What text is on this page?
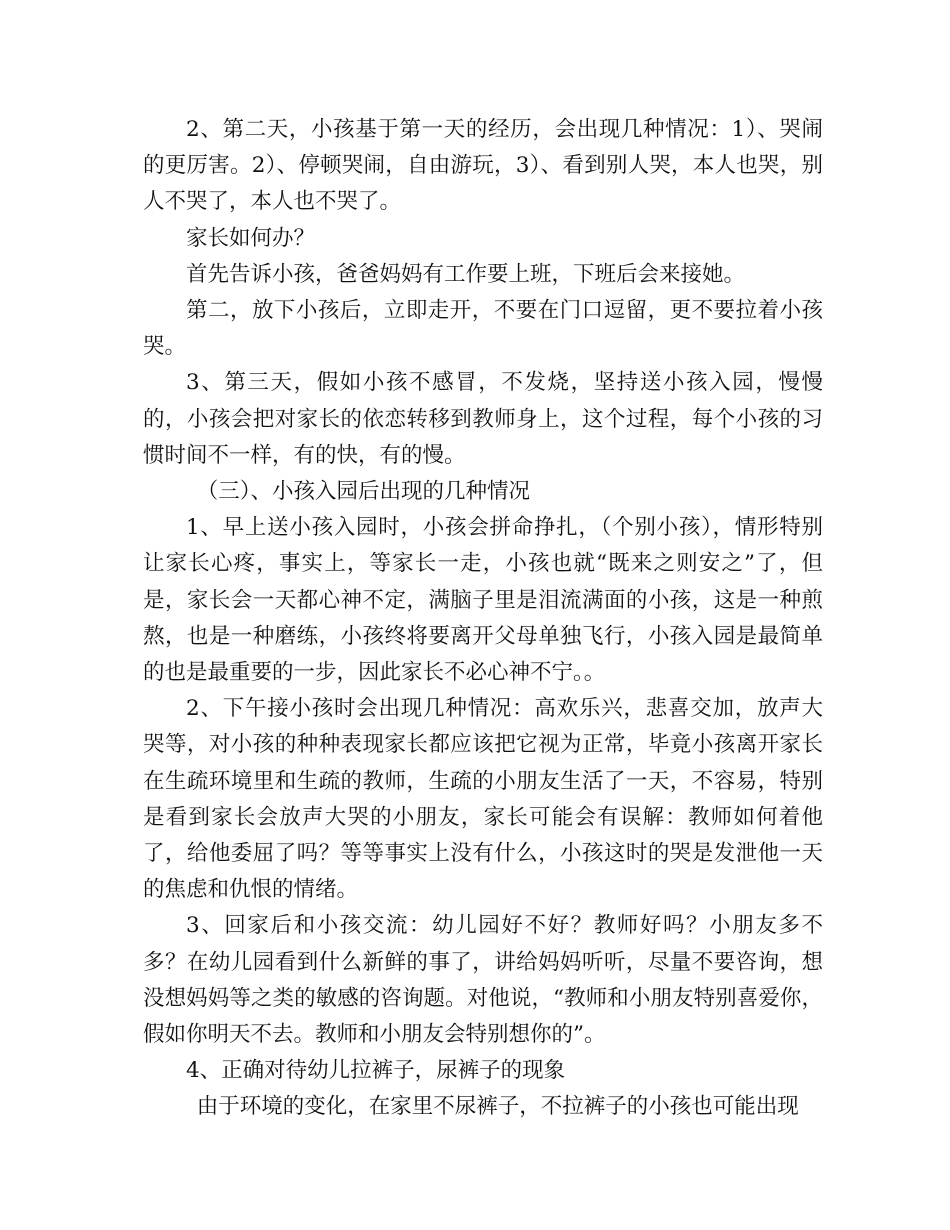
2、第二天，小孩基于第一天的经历，会出现几种情况：1）、哭闹的更厉害。2）、停顿哭闹，自由游玩，3）、看到别人哭，本人也哭，别人不哭了，本人也不哭了。

家长如何办？

首先告诉小孩，爸爸妈妈有工作要上班，下班后会来接她。

第二，放下小孩后，立即走开，不要在门口逗留，更不要拉着小孩哭。

3、第三天，假如小孩不感冒，不发烧，坚持送小孩入园，慢慢的，小孩会把对家长的依恋转移到教师身上，这个过程，每个小孩的习惯时间不一样，有的快，有的慢。

（三）、小孩入园后出现的几种情况

1、早上送小孩入园时，小孩会拼命挣扎，（个别小孩），情形特别让家长心疼，事实上，等家长一走，小孩也就“既来之则安之”了，但是，家长会一天都心神不定，满脑子里是泪流满面的小孩，这是一种煎熬，也是一种磨练，小孩终将要离开父母单独飞行，小孩入园是最简单的也是最重要的一步，因此家长不必心神不宁。。

2、下午接小孩时会出现几种情况：高欢乐兴，悲喜交加，放声大哭等，对小孩的种种表现家长都应该把它视为正常，毕竟小孩离开家长在生疏环境里和生疏的教师，生疏的小朋友生活了一天，不容易，特别是看到家长会放声大哭的小朋友，家长可能会有误解：教师如何着他了，给他委屈了吗？等等事实上没有什么，小孩这时的哭是发泄他一天的焦虑和仇恨的情绪。

3、回家后和小孩交流：幼儿园好不好？教师好吗？小朋友多不多？在幼儿园看到什么新鲜的事了，讲给妈妈听听，尽量不要咨询，想没想妈妈等之类的敏感的咨询题。对他说，“教师和小朋友特别喜爱你，假如你明天不去。教师和小朋友会特别想你的”。

4、正确对待幼儿拉裤子，尿裤子的现象

由于环境的变化，在家里不尿裤子，不拉裤子的小孩也可能出现
